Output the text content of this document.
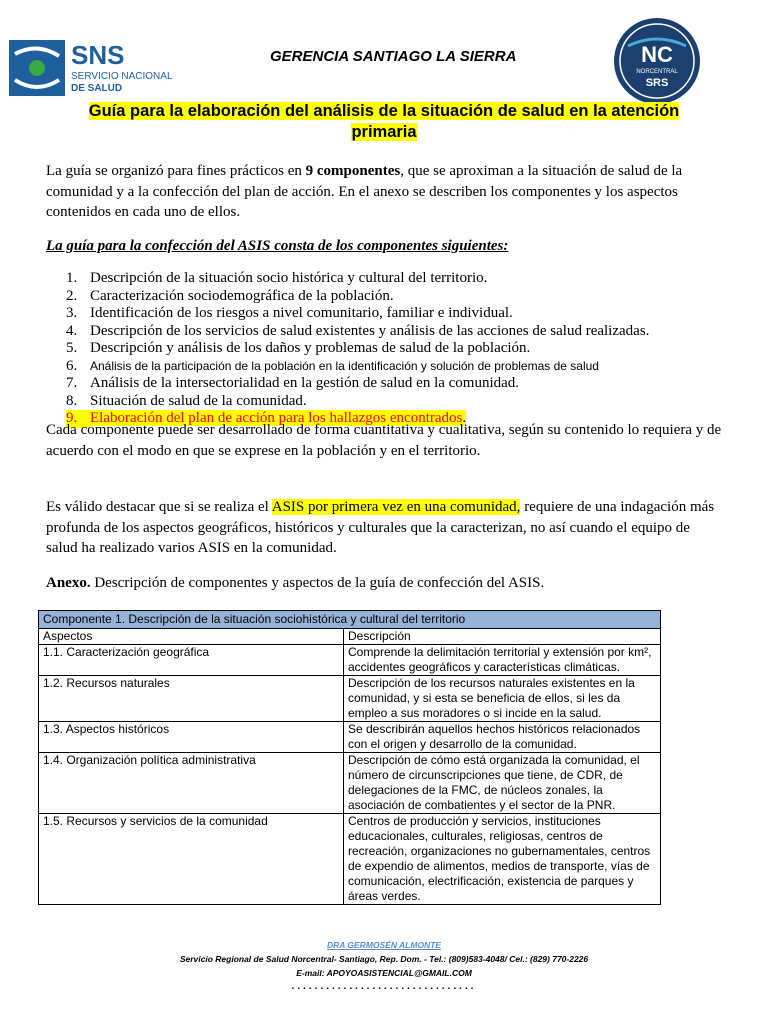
SNS
SERVICIO NACIONAL
DE SALUD
NC
NORCENTRAL
SRS
GERENCIA SANTIAGO LA SIERRA
Guía para la elaboración del análisis de la situación de salud en la atención
primaria
La guía se organizó para fines prácticos en 9 componentes, que se aproximan a la situación de salud de la comunidad y a la confección del plan de acción. En el anexo se describen los componentes y los aspectos contenidos en cada uno de ellos.
La guía para la confección del ASIS consta de los componentes siguientes:
1. Descripción de la situación socio histórica y cultural del territorio.
2. Caracterización sociodemográfica de la población.
3. Identificación de los riesgos a nivel comunitario, familiar e individual.
4. Descripción de los servicios de salud existentes y análisis de las acciones de salud realizadas.
5. Descripción y análisis de los daños y problemas de salud de la población.
6. Análisis de la participación de la población en la identificación y solución de problemas de salud
7. Análisis de la intersectorialidad en la gestión de salud en la comunidad.
8. Situación de salud de la comunidad.
9. Elaboración del plan de acción para los hallazgos encontrados.
Cada componente puede ser desarrollado de forma cuantitativa y cualitativa, según su contenido lo requiera y de acuerdo con el modo en que se exprese en la población y en el territorio.
Es válido destacar que si se realiza el ASIS por primera vez en una comunidad, requiere de una indagación más profunda de los aspectos geográficos, históricos y culturales que la caracterizan, no así cuando el equipo de salud ha realizado varios ASIS en la comunidad.
Anexo. Descripción de componentes y aspectos de la guía de confección del ASIS.
Componente 1. Descripción de la situación sociohistórica y cultural del territorio	
Aspectos	Descripción
1.1. Caracterización geográfica	Comprende la delimitación territorial y extensión por km², accidentes geográficos y características climáticas.
1.2. Recursos naturales	Descripción de los recursos naturales existentes en la comunidad, y si esta se beneficia de ellos, si les da empleo a sus moradores o si incide en la salud.
1.3. Aspectos históricos	Se describirán aquellos hechos históricos relacionados con el origen y desarrollo de la comunidad.
1.4. Organización política administrativa	Descripción de cómo está organizada la comunidad, el número de circunscripciones que tiene, de CDR, de delegaciones de la FMC, de núcleos zonales, la asociación de combatientes y el sector de la PNR.
1.5. Recursos y servicios de la comunidad	Centros de producción y servicios, instituciones educacionales, culturales, religiosas, centros de recreación, organizaciones no gubernamentales, centros de expendio de alimentos, medios de transporte, vías de comunicación, electrificación, existencia de parques y áreas verdes.
DRA GERMOSÉN ALMONTE
Servicio Regional de Salud Norcentral- Santiago, Rep. Dom. - Tel.: (809)583-4048/ Cel.: (829) 770-2226
E-mail: APOYOASISTENCIAL@GMAIL.COM
................................
